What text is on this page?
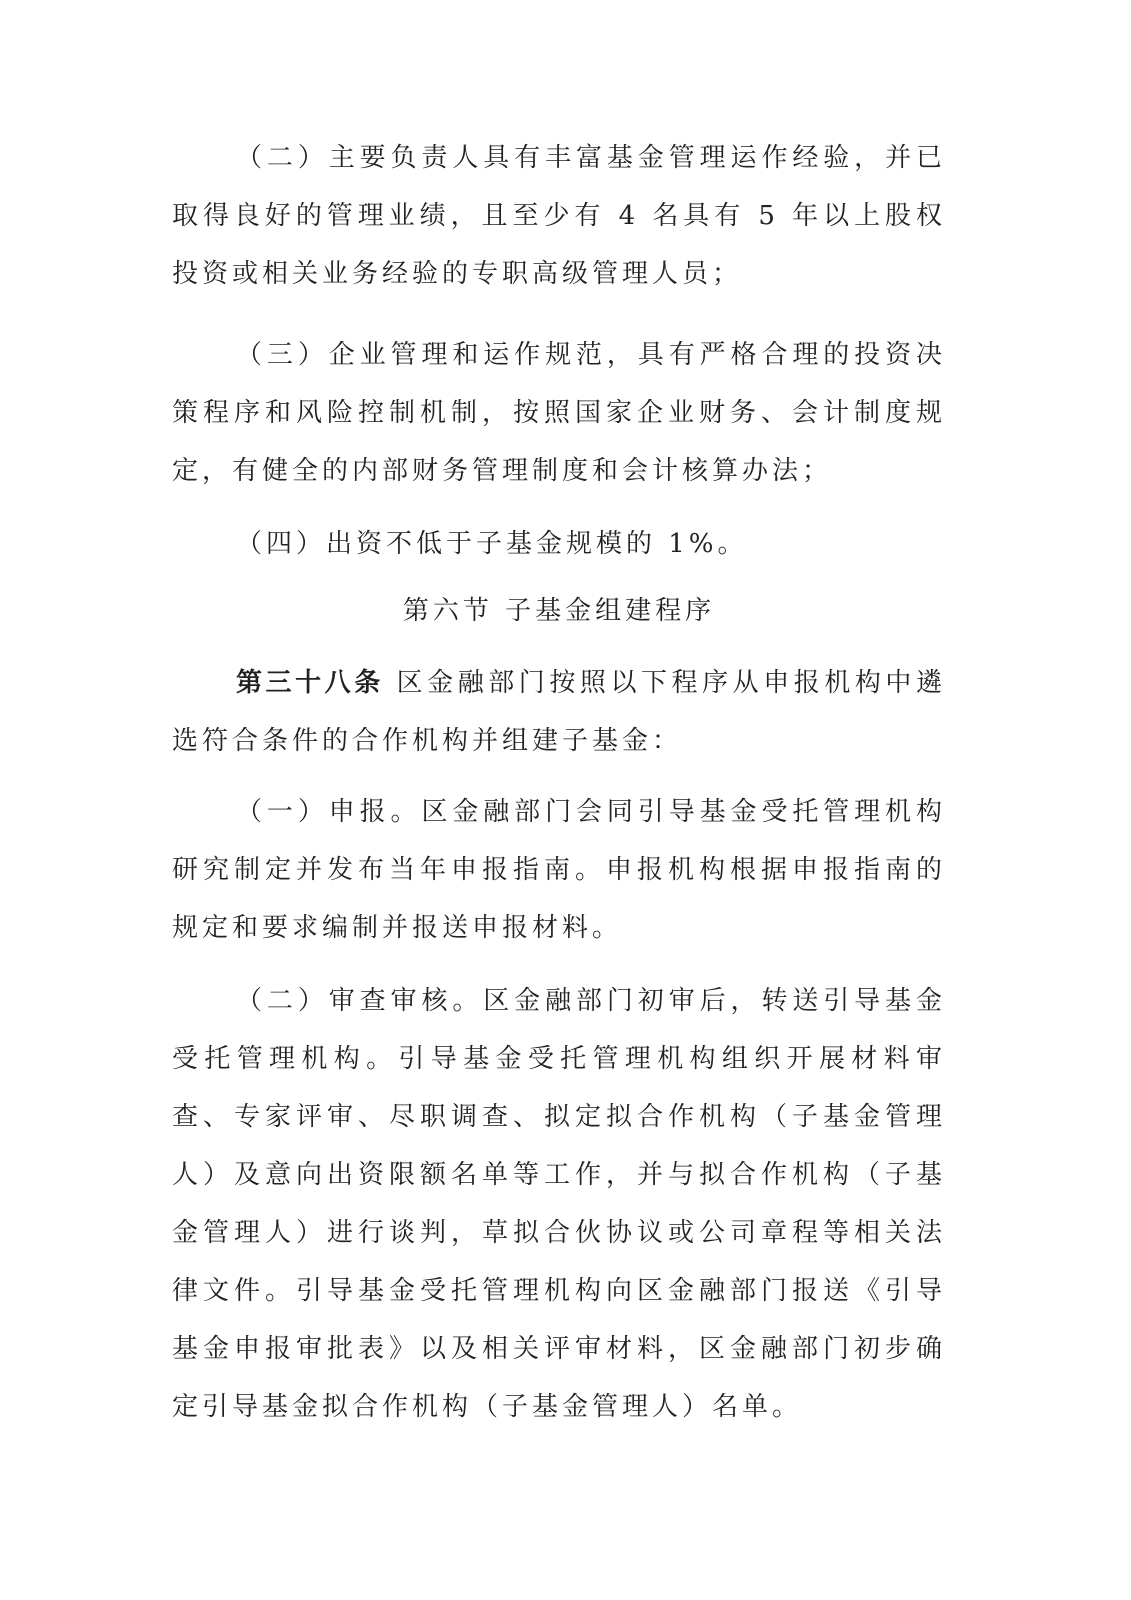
（二）主要负责人具有丰富基金管理运作经验，并已取得良好的管理业绩，且至少有 4 名具有 5 年以上股权投资或相关业务经验的专职高级管理人员；

（三）企业管理和运作规范，具有严格合理的投资决策程序和风险控制机制，按照国家企业财务、会计制度规定，有健全的内部财务管理制度和会计核算办法；

（四）出资不低于子基金规模的 1%。

第六节 子基金组建程序

第三十八条 区金融部门按照以下程序从申报机构中遴选符合条件的合作机构并组建子基金：

（一）申报。区金融部门会同引导基金受托管理机构研究制定并发布当年申报指南。申报机构根据申报指南的规定和要求编制并报送申报材料。

（二）审查审核。区金融部门初审后，转送引导基金受托管理机构。引导基金受托管理机构组织开展材料审查、专家评审、尽职调查、拟定拟合作机构（子基金管理人）及意向出资限额名单等工作，并与拟合作机构（子基金管理人）进行谈判，草拟合伙协议或公司章程等相关法律文件。引导基金受托管理机构向区金融部门报送《引导基金申报审批表》以及相关评审材料，区金融部门初步确定引导基金拟合作机构（子基金管理人）名单。
